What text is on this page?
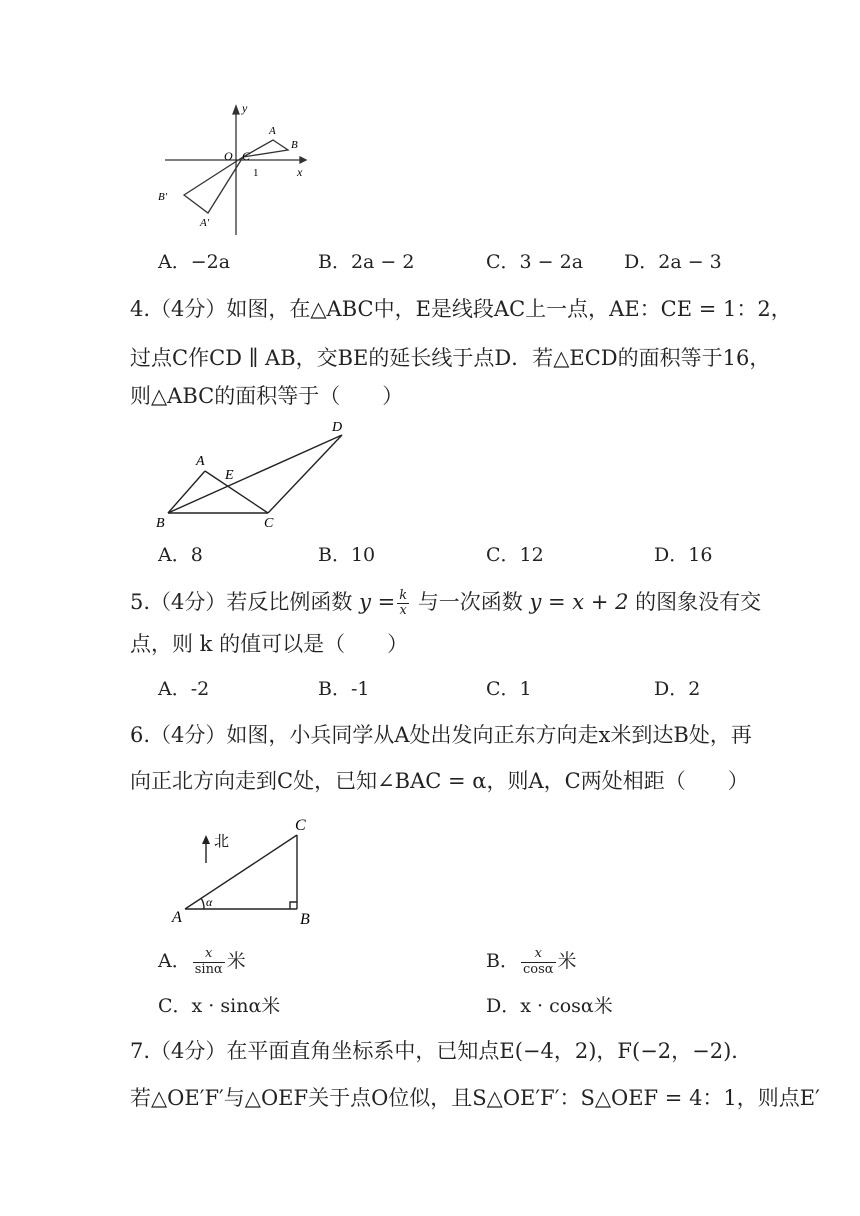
y
x
A
B
O C
1
B′
A′
A．−2a	B．2a − 2	C．3 − 2a D．2a − 3
4.（4分）如图，在△ABC中，E是线段AC上一点，AE：CE = 1：2，
过点C作CD ∥ AB，交BE的延长线于点D．若△ECD的面积等于16，
则△ABC的面积等于（　　）
A
E
B	C
D
A．8	B．10	C．12	D．16
5.（4分）若反比例函数 $y = \frac{k}{x}$ 与一次函数 y = x + 2 的图象没有交
点，则 k 的值可以是（　　）
A．-2	B．-1	C．1	D．2
6.（4分）如图，小兵同学从A处出发向正东方向走x米到达B处，再
向正北方向走到C处，已知∠BAC = α，则A，C两处相距（　　）
北
A	B
C
α
A． $\frac{x}{\sin\alpha}$ 米	B． $\frac{x}{\cos\alpha}$ 米
C．x · sinα米	D．x · cosα米
7.（4分）在平面直角坐标系中，已知点E(−4，2)，F(−2，−2)．
若△OE′F′与△OEF关于点O位似，且S△OE′F′：S△OEF = 4：1，则点E′
